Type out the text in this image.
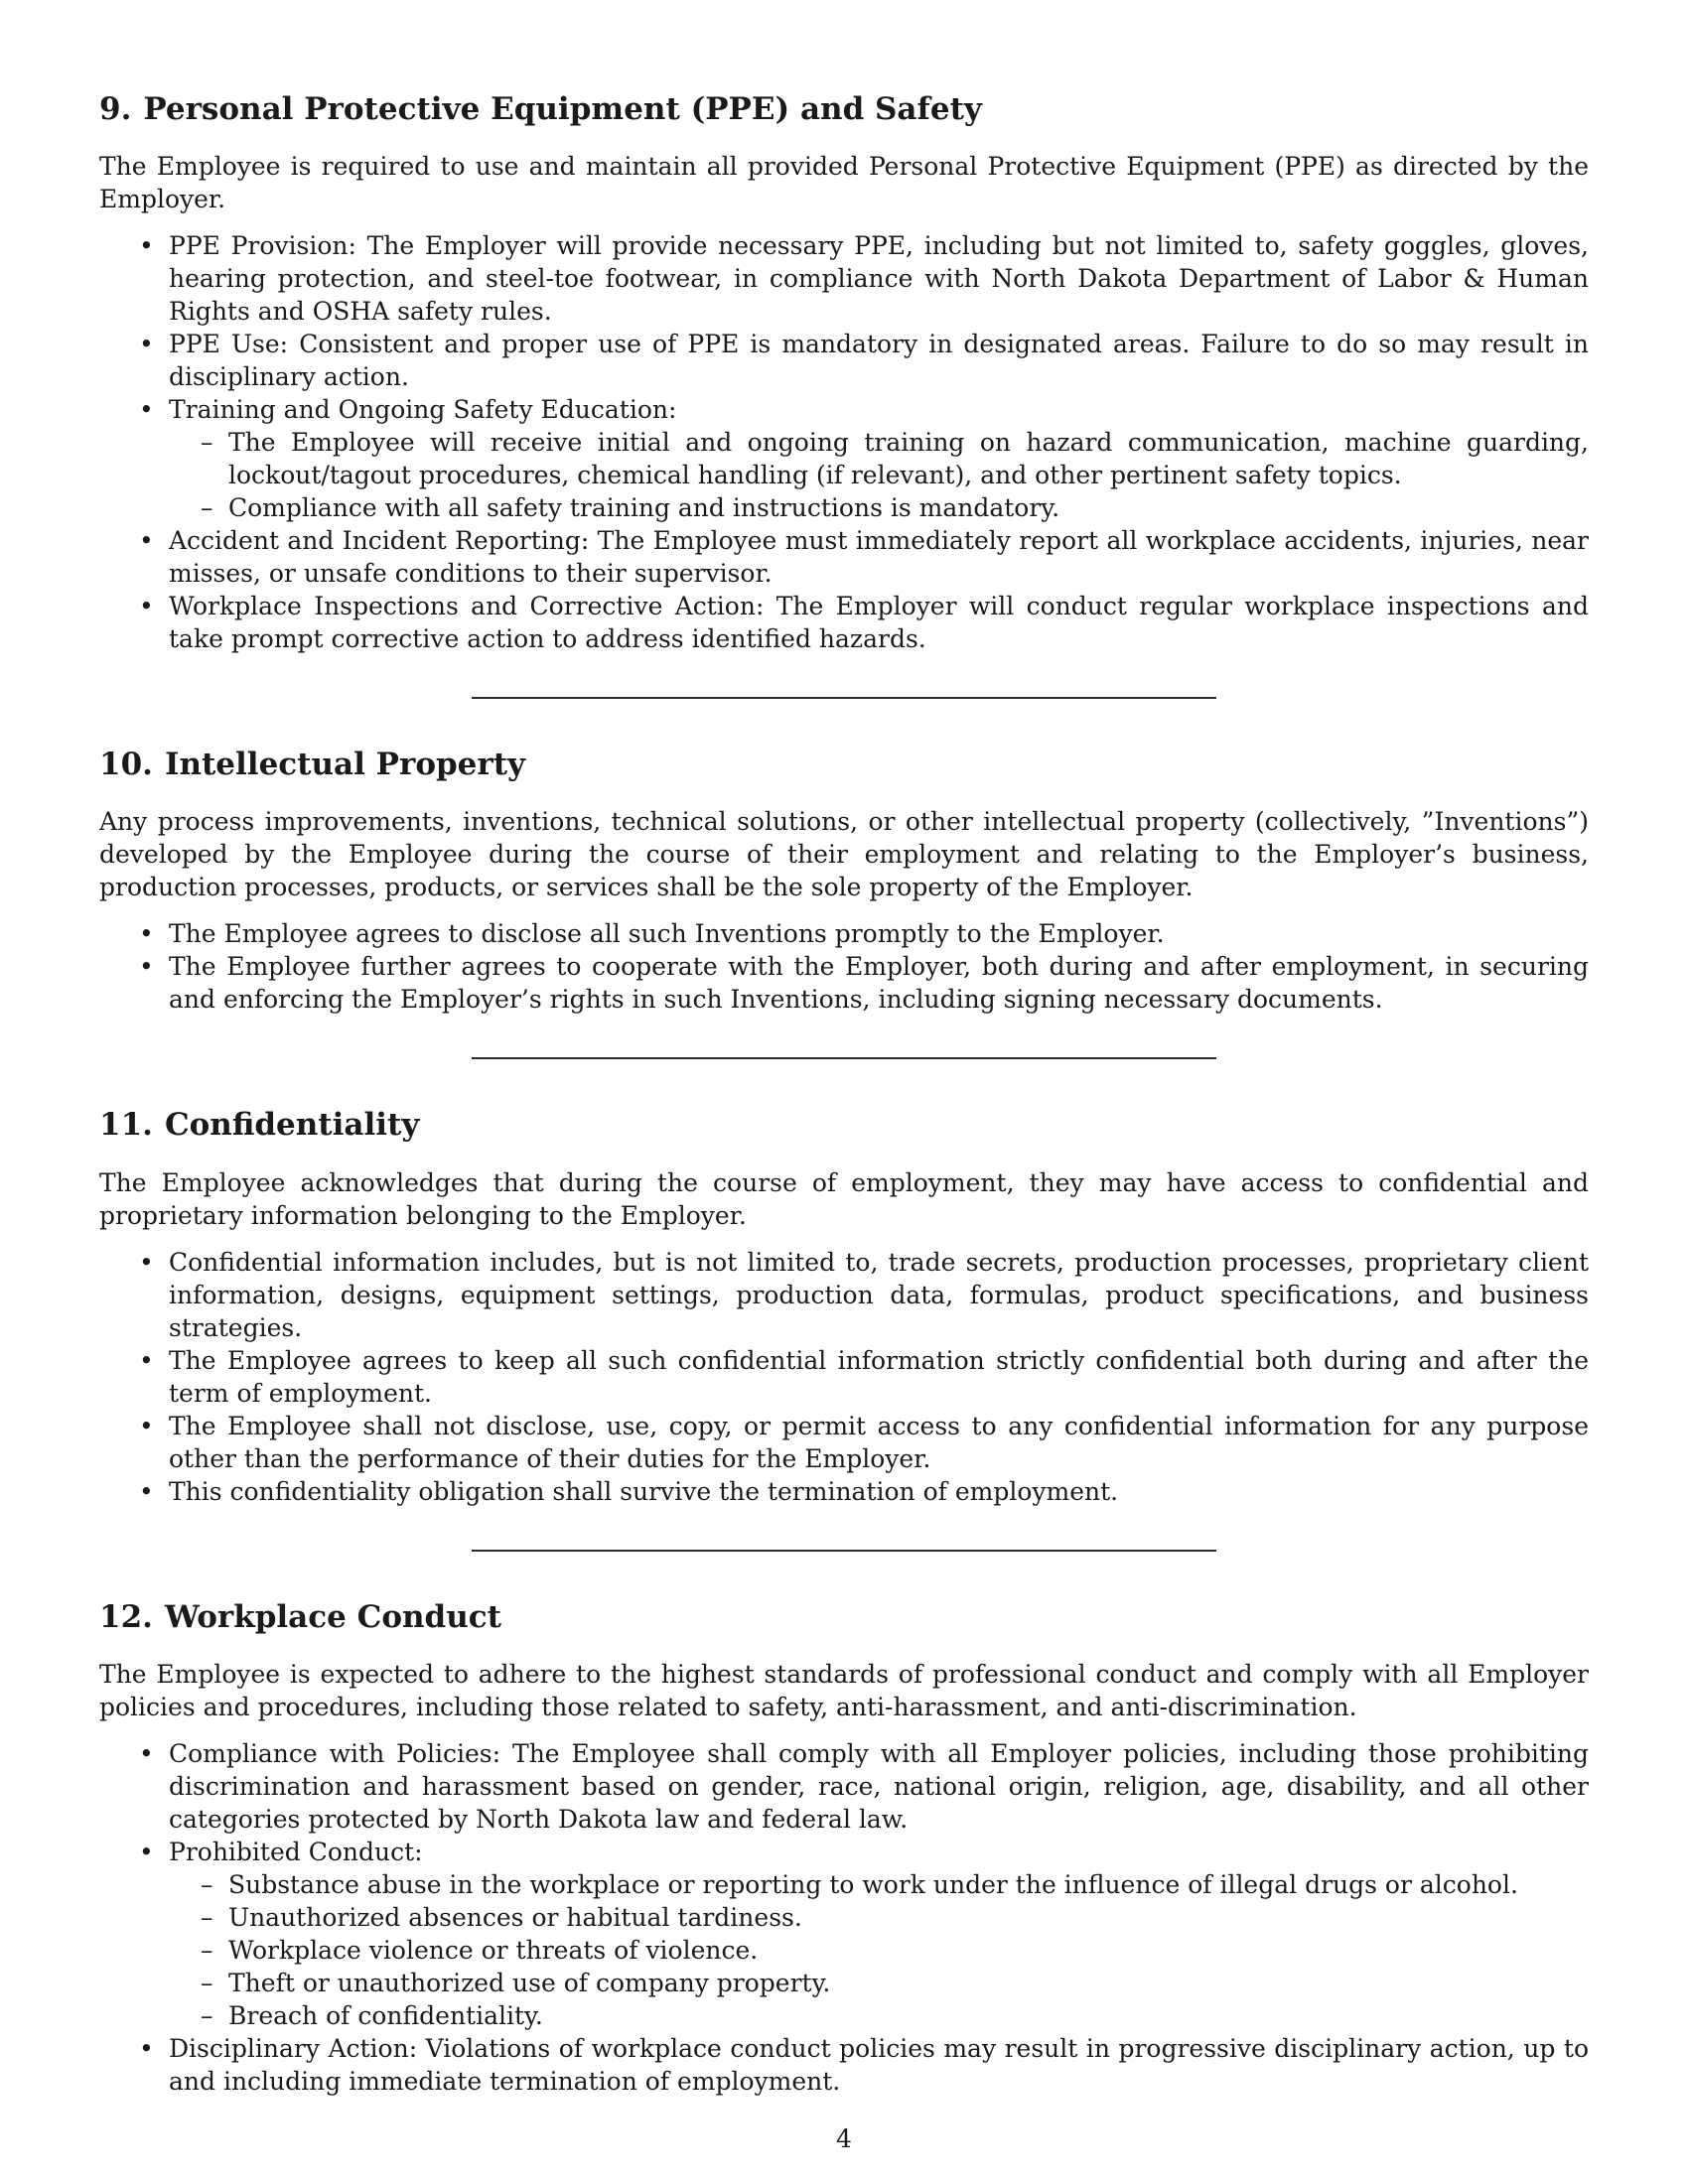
9. Personal Protective Equipment (PPE) and Safety

The Employee is required to use and maintain all provided Personal Protective Equipment (PPE) as directed by the Employer.

• PPE Provision: The Employer will provide necessary PPE, including but not limited to, safety goggles, gloves, hearing protection, and steel-toe footwear, in compliance with North Dakota Department of Labor & Human Rights and OSHA safety rules.
• PPE Use: Consistent and proper use of PPE is mandatory in designated areas. Failure to do so may result in disciplinary action.
• Training and Ongoing Safety Education:
– The Employee will receive initial and ongoing training on hazard communication, machine guarding, lockout/tagout procedures, chemical handling (if relevant), and other pertinent safety topics.
– Compliance with all safety training and instructions is mandatory.
• Accident and Incident Reporting: The Employee must immediately report all workplace accidents, injuries, near misses, or unsafe conditions to their supervisor.
• Workplace Inspections and Corrective Action: The Employer will conduct regular workplace inspections and take prompt corrective action to address identified hazards.
10. Intellectual Property

Any process improvements, inventions, technical solutions, or other intellectual property (collectively, ”Inventions”) developed by the Employee during the course of their employment and relating to the Employer’s business, production processes, products, or services shall be the sole property of the Employer.

• The Employee agrees to disclose all such Inventions promptly to the Employer.
• The Employee further agrees to cooperate with the Employer, both during and after employment, in securing and enforcing the Employer’s rights in such Inventions, including signing necessary documents.
11. Confidentiality

The Employee acknowledges that during the course of employment, they may have access to confidential and proprietary information belonging to the Employer.

• Confidential information includes, but is not limited to, trade secrets, production processes, proprietary client information, designs, equipment settings, production data, formulas, product specifications, and business strategies.
• The Employee agrees to keep all such confidential information strictly confidential both during and after the term of employment.
• The Employee shall not disclose, use, copy, or permit access to any confidential information for any purpose other than the performance of their duties for the Employer.
• This confidentiality obligation shall survive the termination of employment.
12. Workplace Conduct

The Employee is expected to adhere to the highest standards of professional conduct and comply with all Employer policies and procedures, including those related to safety, anti-harassment, and anti-discrimination.

• Compliance with Policies: The Employee shall comply with all Employer policies, including those prohibiting discrimination and harassment based on gender, race, national origin, religion, age, disability, and all other categories protected by North Dakota law and federal law.
• Prohibited Conduct:
– Substance abuse in the workplace or reporting to work under the influence of illegal drugs or alcohol.
– Unauthorized absences or habitual tardiness.
– Workplace violence or threats of violence.
– Theft or unauthorized use of company property.
– Breach of confidentiality.
• Disciplinary Action: Violations of workplace conduct policies may result in progressive disciplinary action, up to and including immediate termination of employment.
4
